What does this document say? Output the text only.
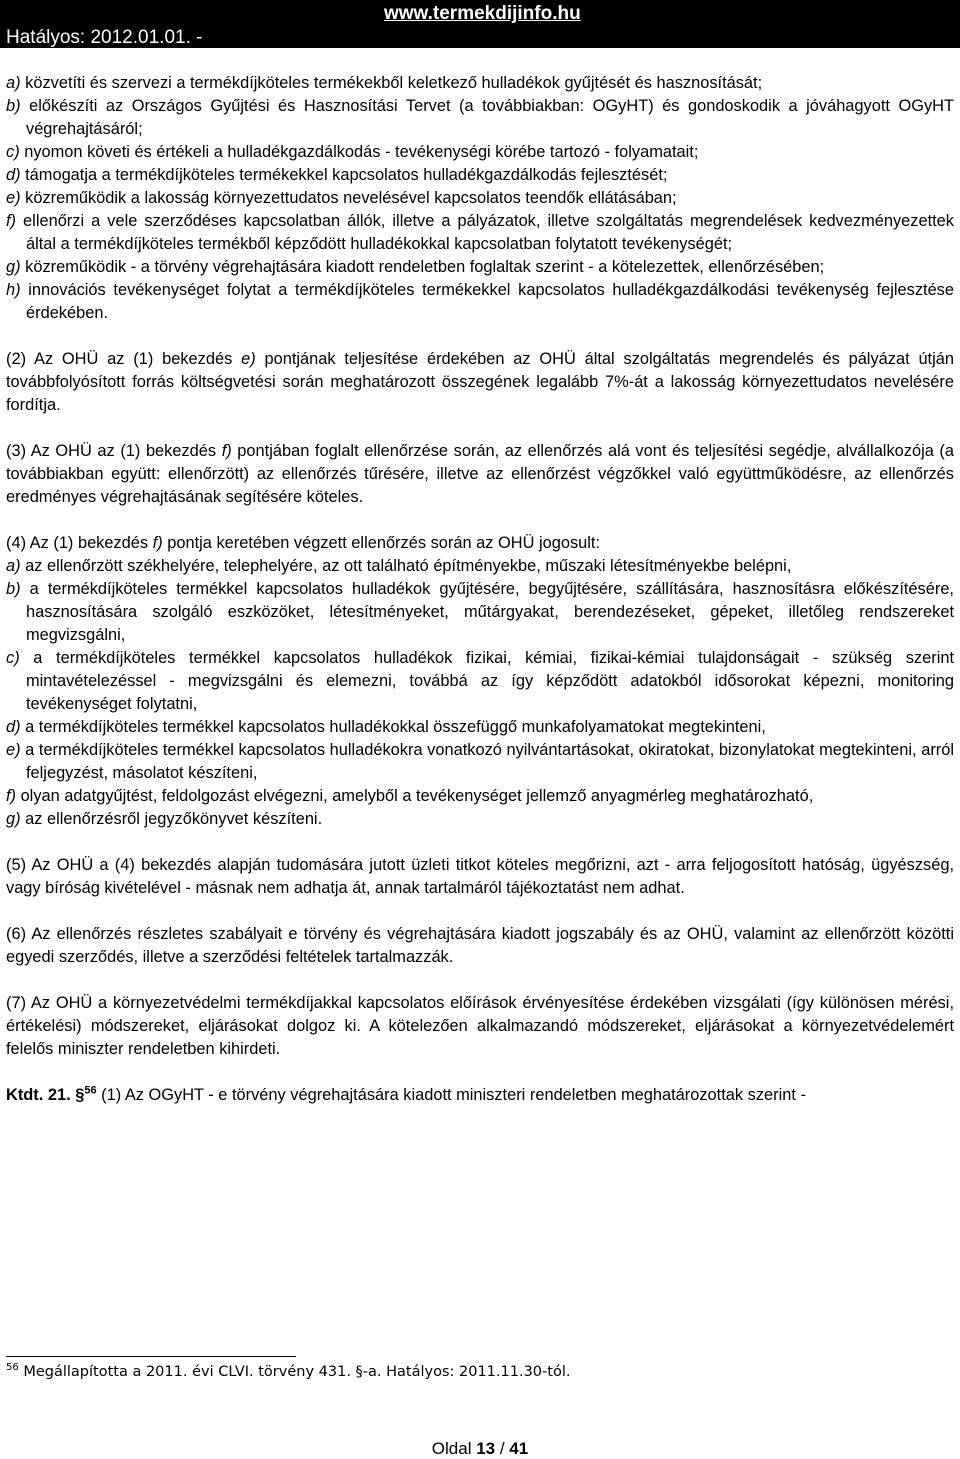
www.termekdijinfo.hu
Hatályos: 2012.01.01. -

a) közvetíti és szervezi a termékdíjköteles termékekből keletkező hulladékok gyűjtését és hasznosítását;

b) előkészíti az Országos Gyűjtési és Hasznosítási Tervet (a továbbiakban: OGyHT) és gondoskodik a jóváhagyott OGyHT végrehajtásáról;

c) nyomon követi és értékeli a hulladékgazdálkodás - tevékenységi körébe tartozó - folyamatait;

d) támogatja a termékdíjköteles termékekkel kapcsolatos hulladékgazdálkodás fejlesztését;

e) közreműködik a lakosság környezettudatos nevelésével kapcsolatos teendők ellátásában;

f) ellenőrzi a vele szerződéses kapcsolatban állók, illetve a pályázatok, illetve szolgáltatás megrendelések kedvezményezettek által a termékdíjköteles termékből képződött hulladékokkal kapcsolatban folytatott tevékenységét;

g) közreműködik - a törvény végrehajtására kiadott rendeletben foglaltak szerint - a kötelezettek, ellenőrzésében;

h) innovációs tevékenységet folytat a termékdíjköteles termékekkel kapcsolatos hulladékgazdálkodási tevékenység fejlesztése érdekében.

(2) Az OHÜ az (1) bekezdés e) pontjának teljesítése érdekében az OHÜ által szolgáltatás megrendelés és pályázat útján továbbfolyósított forrás költségvetési során meghatározott összegének legalább 7%-át a lakosság környezettudatos nevelésére fordítja.

(3) Az OHÜ az (1) bekezdés f) pontjában foglalt ellenőrzése során, az ellenőrzés alá vont és teljesítési segédje, alvállalkozója (a továbbiakban együtt: ellenőrzött) az ellenőrzés tűrésére, illetve az ellenőrzést végzőkkel való együttműködésre, az ellenőrzés eredményes végrehajtásának segítésére köteles.

(4) Az (1) bekezdés f) pontja keretében végzett ellenőrzés során az OHÜ jogosult:

a) az ellenőrzött székhelyére, telephelyére, az ott található építményekbe, műszaki létesítményekbe belépni,

b) a termékdíjköteles termékkel kapcsolatos hulladékok gyűjtésére, begyűjtésére, szállítására, hasznosításra előkészítésére, hasznosítására szolgáló eszközöket, létesítményeket, műtárgyakat, berendezéseket, gépeket, illetőleg rendszereket megvizsgálni,

c) a termékdíjköteles termékkel kapcsolatos hulladékok fizikai, kémiai, fizikai-kémiai tulajdonságait - szükség szerint mintavételezéssel - megvizsgálni és elemezni, továbbá az így képződött adatokból idősorokat képezni, monitoring tevékenységet folytatni,

d) a termékdíjköteles termékkel kapcsolatos hulladékokkal összefüggő munkafolyamatokat megtekinteni,

e) a termékdíjköteles termékkel kapcsolatos hulladékokra vonatkozó nyilvántartásokat, okiratokat, bizonylatokat megtekinteni, arról feljegyzést, másolatot készíteni,

f) olyan adatgyűjtést, feldolgozást elvégezni, amelyből a tevékenységet jellemző anyagmérleg meghatározható,

g) az ellenőrzésről jegyzőkönyvet készíteni.

(5) Az OHÜ a (4) bekezdés alapján tudomására jutott üzleti titkot köteles megőrizni, azt - arra feljogosított hatóság, ügyészség, vagy bíróság kivételével - másnak nem adhatja át, annak tartalmáról tájékoztatást nem adhat.

(6) Az ellenőrzés részletes szabályait e törvény és végrehajtására kiadott jogszabály és az OHÜ, valamint az ellenőrzött közötti egyedi szerződés, illetve a szerződési feltételek tartalmazzák.

(7) Az OHÜ a környezetvédelmi termékdíjakkal kapcsolatos előírások érvényesítése érdekében vizsgálati (így különösen mérési, értékelési) módszereket, eljárásokat dolgoz ki. A kötelezően alkalmazandó módszereket, eljárásokat a környezetvédelemért felelős miniszter rendeletben kihirdeti.

Ktdt. 21. §$^{56}$ (1) Az OGyHT - e törvény végrehajtására kiadott miniszteri rendeletben meghatározottak szerint -

$^{56}$ Megállapította a 2011. évi CLVI. törvény 431. §-a. Hatályos: 2011.11.30-tól.
Oldal 13 / 41
